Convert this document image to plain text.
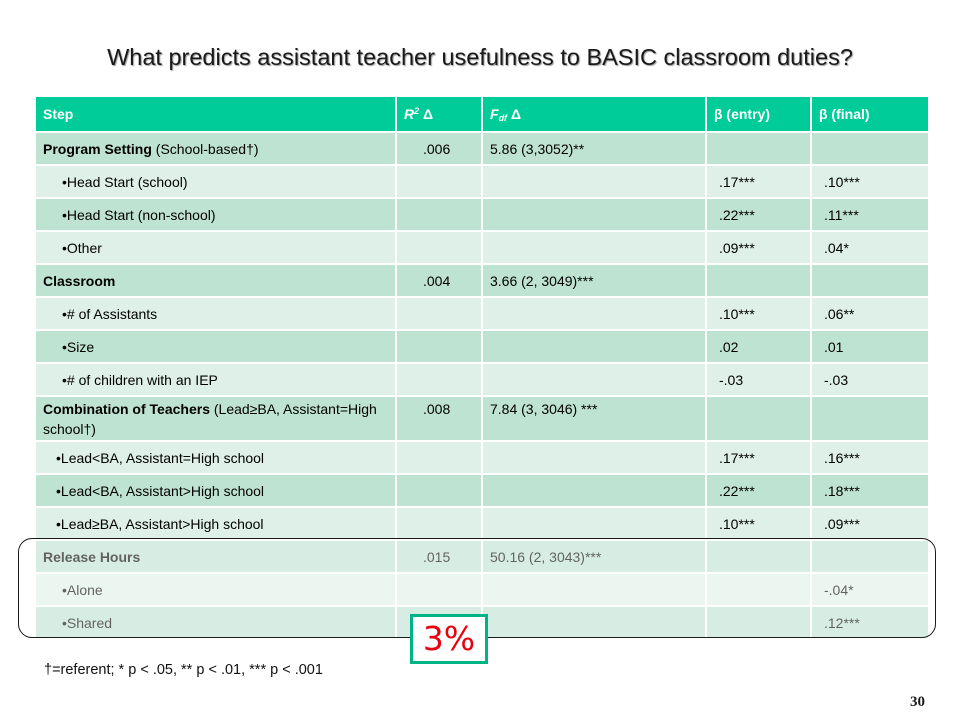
What predicts assistant teacher usefulness to BASIC classroom duties?
Step	$R^2$ Δ	$F_{df}$ Δ	β (entry)	β (final)
Program Setting (School-based†)	.006	5.86 (3,3052)**		
•Head Start (school)			.17***	.10***
•Head Start (non-school)			.22***	.11***
•Other			.09***	.04*
Classroom	.004	3.66 (2, 3049)***		
•# of Assistants			.10***	.06**
•Size			.02	.01
•# of children with an IEP			-.03	-.03
Combination of Teachers (Lead≥BA, Assistant=High school†)	.008	7.84 (3, 3046) ***		
•Lead<BA, Assistant=High school			.17***	.16***
•Lead<BA, Assistant>High school			.22***	.18***
•Lead≥BA, Assistant>High school			.10***	.09***
Release Hours	.015	50.16 (2, 3043)***		
•Alone				-.04*
•Shared				.12***
3%
†=referent; * p < .05, ** p < .01, *** p < .001
30
